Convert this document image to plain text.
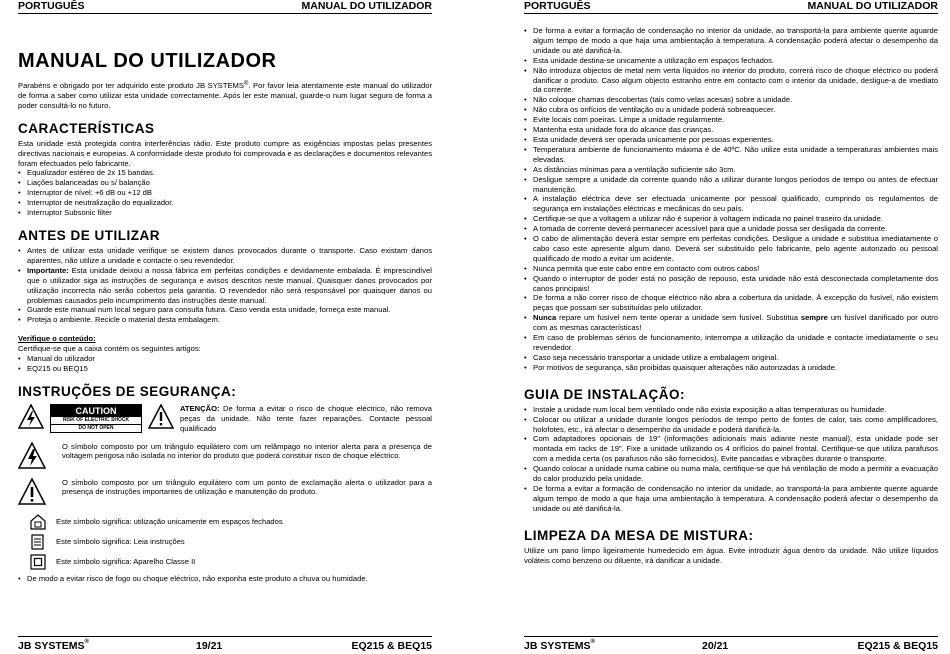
PORTUGUÊS	MANUAL DO UTILIZADOR
MANUAL DO UTILIZADOR

Parabéns e obrigado por ter adquirido este produto JB SYSTEMS®. Por favor leia atentamente este manual do utilizador de forma a saber como utilizar esta unidade correctamente. Após ler este manual, guarde-o num lugar seguro de forma a poder consultá-lo no futuro.

CARACTERÍSTICAS

Esta unidade está protegida contra interferências rádio. Este produto cumpre as exigências impostas pelas presentes directivas nacionais e europeias. A conformidade deste produto foi comprovada e as declarações e documentos relevantes foram efectuados pelo fabricante.

• Equalizador estéreo de 2x 15 bandas.
• Liações balanceadas ou s/ balanção
• Interruptor de nível: +6 dB ou +12 dB
• Interruptor de neutralização do equalizador.
• Interruptor Subsonic filter
ANTES DE UTILIZAR
• Antes de utilizar esta unidade verifique se existem danos provocados durante o transporte. Caso existam danos aparentes, não utilize a unidade e contacte o seu revendedor.
• Importante: Esta unidade deixou a nossa fábrica em perfeitas condições e devidamente embalada. É imprescindível que o utilizador siga as instruções de segurança e avisos descritos neste manual. Quaisquer danos provocados por utilização incorrecta não serão cobertos pela garantia. O revendedor não será responsável por quaisquer danos ou problemas causados pelo incumprimento das instruções deste manual.
• Guarde este manual num local seguro para consulta futura. Caso venda esta unidade, forneça este manual.
• Proteja o ambiente. Recicle o material desta embalagem.

Verifique o conteúdo:

Certifique-se que a caixa contém os seguintes artigos:

• Manual do utilizador
• EQ215 ou BEQ15
INSTRUÇÕES DE SEGURANÇA:
CAUTION
RISK OF ELECTRIC SHOCK
DO NOT OPEN

ATENÇÃO: De forma a evitar o risco de choque eléctrico, não remova peças da unidade. Não tente fazer reparações. Contacte pessoal qualificado

O símbolo composto por um triângulo equilátero com um relâmpago no interior alerta para a presença de voltagem perigosa não isolada no interior do produto que poderá constituir risco de choque eléctrico.

O símbolo composto por um triângulo equilátero com um ponto de exclamação alerta o utilizador para a presença de instruções importantes de utilização e manutenção do produto.

Este símbolo significa: utilização unicamente em espaços fechados
Este símbolo significa: Leia instruções
Este símbolo significa: Aparelho Classe II
• De modo a evitar risco de fogo ou choque eléctrico, não exponha este produto a chuva ou humidade.
JB SYSTEMS®	19/21	EQ215 & BEQ15
PORTUGUÊS	MANUAL DO UTILIZADOR
• De forma a evitar a formação de condensação no interior da unidade, ao transportá-la para ambiente quente aguarde algum tempo de modo a que haja uma ambientação à temperatura. A condensação poderá afectar o desempenho da unidade ou até danificá-la.
• Esta unidade destina-se unicamente a utilização em espaços fechados.
• Não introduza objectos de metal nem verta líquidos no interior do produto, correrá risco de choque eléctrico ou poderá danificar o produto. Caso algum objecto estranho entre em contacto com o interior da unidade, desligue-a de imediato da corrente.
• Não coloque chamas descobertas (tais como velas acesas) sobre a unidade.
• Não cubra os orifícios de ventilação ou a unidade poderá sobreaquecer.
• Evite locais com poeiras. Limpe a unidade regularmente.
• Mantenha esta unidade fora do alcance das crianças.
• Esta unidade deverá ser operada unicamente por pessoas experientes.
• Temperatura ambiente de funcionamento máxima é de 40ºC. Não utilize esta unidade a temperaturas ambientes mais elevadas.
• As distâncias mínimas para a ventilação suficiente são 3cm.
• Desligue sempre a unidade da corrente quando não a utilizar durante longos períodos de tempo ou antes de efectuar manutenção.
• A instalação eléctrica deve ser efectuada unicamente por pessoal qualificado, cumprindo os regulamentos de segurança em instalações eléctricas e mecânicas do seu país.
• Certifique-se que a voltagem a utilizar não é superior à voltagem indicada no painel traseiro da unidade.
• A tomada de corrente deverá permanecer acessível para que a unidade possa ser desligada da corrente.
• O cabo de alimentação deverá estar sempre em perfeitas condições. Desligue a unidade e substitua imediatamente o cabo caso este apresente algum dano. Deverá ser substituído pelo fabricante, pelo agente autorizado ou pessoal qualificado de modo a evitar um acidente.
• Nunca permita que este cabo entre em contacto com outros cabos!
• Quando o interruptor de poder está no posição de repouso, esta unidade não está desconectada completamente dos canos principais!
• De forma a não correr risco de choque eléctrico não abra a cobertura da unidade. À excepção do fusível, não existem peças que possam ser substituídas pelo utilizador.
• Nunca repare um fusível nem tente operar a unidade sem fusível. Substitua sempre um fusível danificado por outro com as mesmas características!
• Em caso de problemas sérios de funcionamento, interrompa a utilização da unidade e contacte imediatamente o seu revendedor.
• Caso seja necessário transportar a unidade utilize a embalagem original.
• Por motivos de segurança, são proibidas quaisquer alterações não autorizadas à unidade.
GUIA DE INSTALAÇÃO:
• Instale a unidade num local bem ventilado onde não exista exposição a altas temperaturas ou humidade.
• Colocar ou utilizar a unidade durante longos períodos de tempo perto de fontes de calor, tais como amplificadores, holofotes, etc., irá afectar o desempenho da unidade e poderá danificá-la.
• Com adaptadores opcionais de 19" (informações adicionais mais adiante neste manual), esta unidade pode ser montada em racks de 19". Fixe a unidade utilizando os 4 orifícios do painel frontal. Certifique-se que utiliza parafusos com a medida certa (os parafusos não são fornecidos). Evite pancadas e vibrações durante o transporte.
• Quando colocar a unidade numa cabine ou numa mala, certifique-se que há ventilação de modo a permitir a evacuação do calor produzido pela unidade.
• De forma a evitar a formação de condensação no interior da unidade, ao transportá-la para ambiente quente aguarde algum tempo de modo a que haja uma ambientação à temperatura. A condensação poderá afectar o desempenho da unidade ou até danificá-la.
LIMPEZA DA MESA DE MISTURA:

Utilize um pano limpo ligeiramente humedecido em água. Evite introduzir água dentro da unidade. Não utilize líquidos voláteis como benzeno ou diluente, irá danificar a unidade.

JB SYSTEMS®	20/21	EQ215 & BEQ15
